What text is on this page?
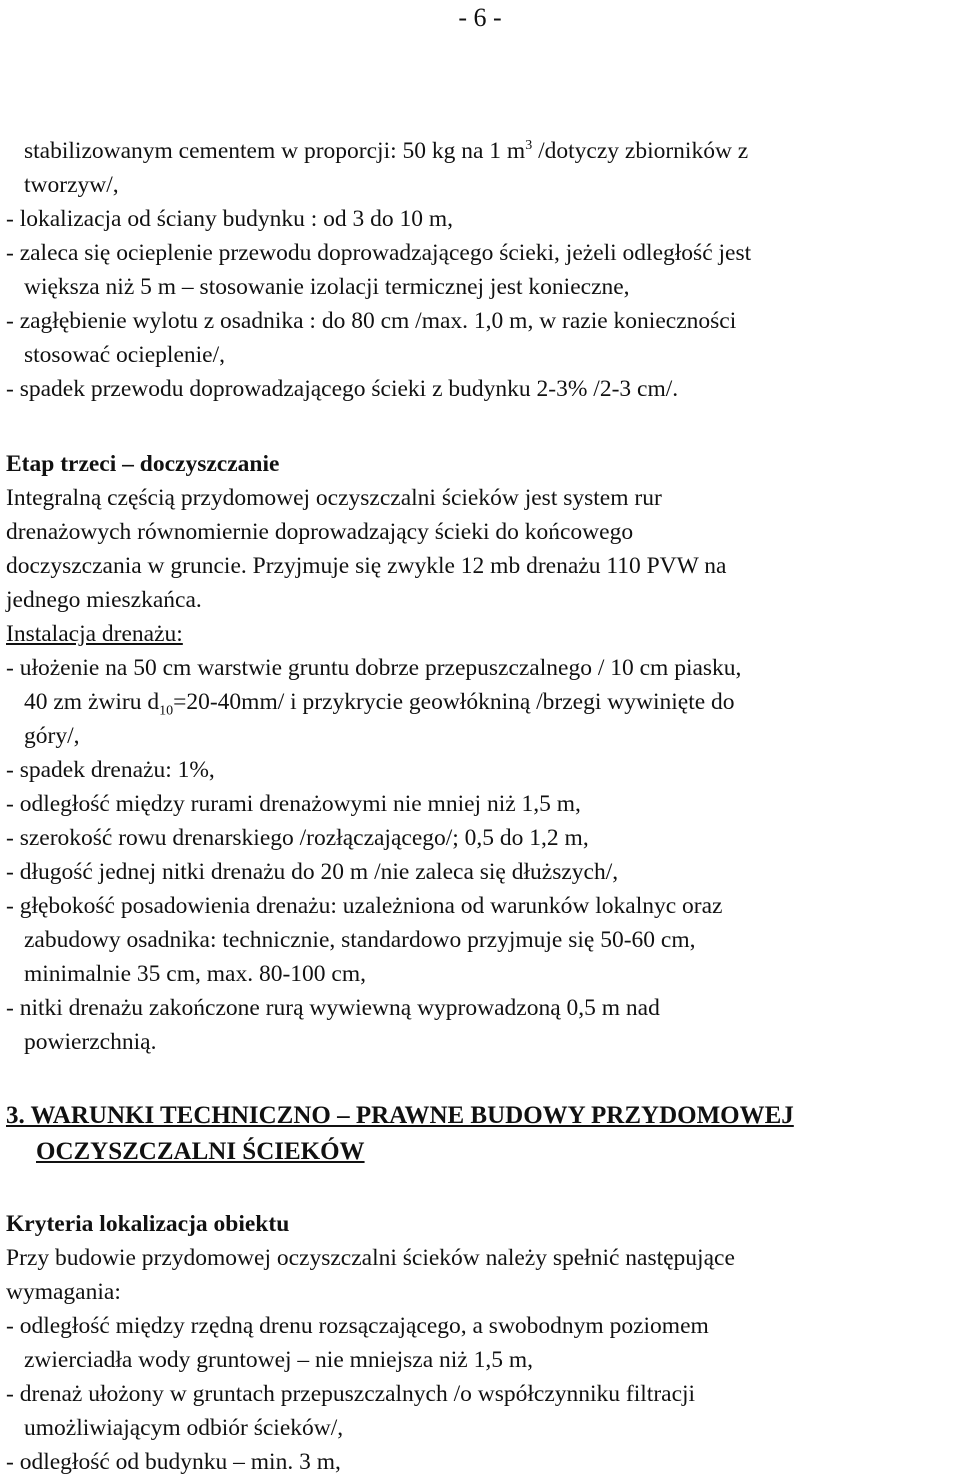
- 6 -
stabilizowanym cementem w proporcji: 50 kg na 1 $m^3$ /dotyczy zbiorników z
tworzyw/,
- lokalizacja od ściany budynku : od 3 do 10 m,
- zaleca się ocieplenie przewodu doprowadzającego ścieki, jeżeli odległość jest
większa niż 5 m – stosowanie izolacji termicznej jest konieczne,
- zagłębienie wylotu z osadnika : do 80 cm /max. 1,0 m, w razie konieczności
stosować ocieplenie/,
- spadek przewodu doprowadzającego ścieki z budynku 2-3% /2-3 cm/.
Etap trzeci – doczyszczanie
Integralną częścią przydomowej oczyszczalni ścieków jest system rur
drenażowych równomiernie doprowadzający ścieki do końcowego
doczyszczania w gruncie. Przyjmuje się zwykle 12 mb drenażu 110 PVW na
jednego mieszkańca.
Instalacja drenażu:
- ułożenie na 50 cm warstwie gruntu dobrze przepuszczalnego / 10 cm piasku,
40 zm żwiru $d_{10}=20-40mm/$ i przykrycie geowłókniną /brzegi wywinięte do
góry/,
- spadek drenażu: 1%,
- odległość między rurami drenażowymi nie mniej niż 1,5 m,
- szerokość rowu drenarskiego /rozłączającego/; 0,5 do 1,2 m,
- długość jednej nitki drenażu do 20 m /nie zaleca się dłuższych/,
- głębokość posadowienia drenażu: uzależniona od warunków lokalnyc oraz
zabudowy osadnika: technicznie, standardowo przyjmuje się 50-60 cm,
minimalnie 35 cm, max. 80-100 cm,
- nitki drenażu zakończone rurą wywiewną wyprowadzoną 0,5 m nad
powierzchnią.
3. WARUNKI TECHNICZNO – PRAWNE BUDOWY PRZYDOMOWEJ
OCZYSZCZALNI ŚCIEKÓW
Kryteria lokalizacja obiektu
Przy budowie przydomowej oczyszczalni ścieków należy spełnić następujące
wymagania:
- odległość między rzędną drenu rozsączającego, a swobodnym poziomem
zwierciadła wody gruntowej – nie mniejsza niż 1,5 m,
- drenaż ułożony w gruntach przepuszczalnych /o współczynniku filtracji
umożliwiającym odbiór ścieków/,
- odległość od budynku – min. 3 m,
